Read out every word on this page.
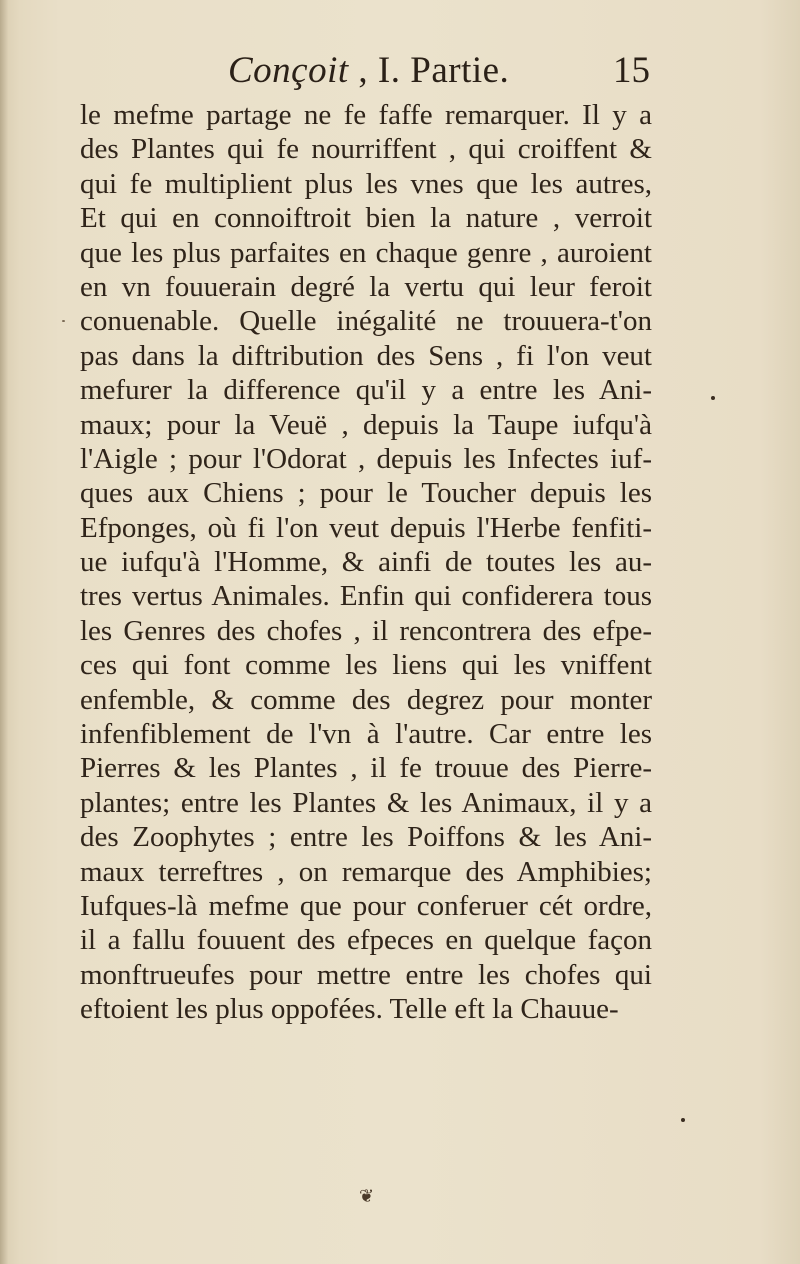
Conçoit , I. Partie.	15
le mefme partage ne fe faffe remarquer. Il y a
des Plantes qui fe nourriffent , qui croiffent &
qui fe multiplient plus les vnes que les autres,
Et qui en connoiftroit bien la nature , verroit
que les plus parfaites en chaque genre , auroient
en vn fouuerain degré la vertu qui leur feroit
conuenable. Quelle inégalité ne trouuera-t'on
pas dans la diftribution des Sens , fi l'on veut
mefurer la difference qu'il y a entre les Ani-
maux; pour la Veuë , depuis la Taupe iufqu'à
l'Aigle ; pour l'Odorat , depuis les Infectes iuf-
ques aux Chiens ; pour le Toucher depuis les
Efponges, où fi l'on veut depuis l'Herbe fenfiti-
ue iufqu'à l'Homme, & ainfi de toutes les au-
tres vertus Animales. Enfin qui confiderera tous
les Genres des chofes , il rencontrera des efpe-
ces qui font comme les liens qui les vniffent
enfemble, & comme des degrez pour monter
infenfiblement de l'vn à l'autre. Car entre les
Pierres & les Plantes , il fe trouue des Pierre-
plantes; entre les Plantes & les Animaux, il y a
des Zoophytes ; entre les Poiffons & les Ani-
maux terreftres , on remarque des Amphibies;
Iufques-là mefme que pour conferuer cét ordre,
il a fallu fouuent des efpeces en quelque façon
monftrueufes pour mettre entre les chofes qui
eftoient les plus oppofées. Telle eft la Chauue-
❦
